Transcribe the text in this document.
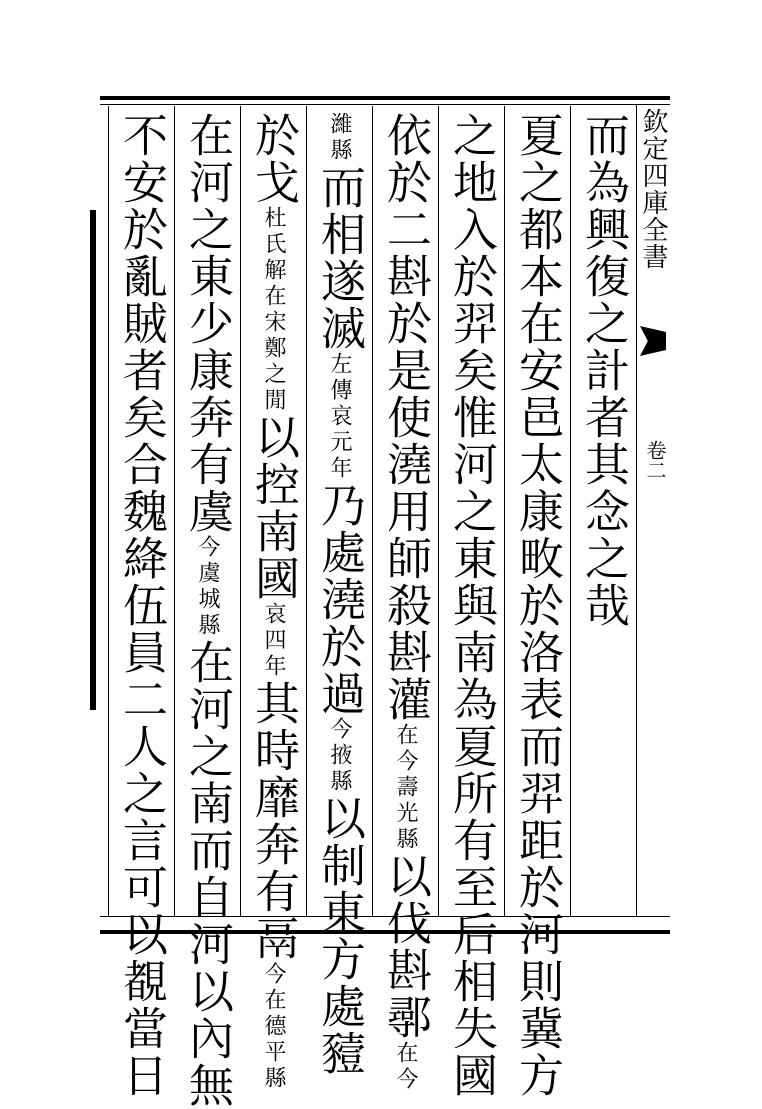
欽定四庫全書
卷二
而為興復之計者其念之哉
夏之都本在安邑太康畋於洛表而羿距於河則冀方
之地入於羿矣惟河之東與南為夏所有至后相失國
依於二斟於是使澆用師殺斟灌在今壽光縣以伐斟鄩在今
濰縣而相遂滅左傳哀元年乃處澆於過今掖縣以制東方處豷
於戈杜氏解在宋鄭之閒以控南國哀四年其時靡奔有鬲今在德平縣
在河之東少康奔有虞今虞城縣在河之南而自河以內無
不安於亂賊者矣合魏絳伍員二人之言可以覩當日
